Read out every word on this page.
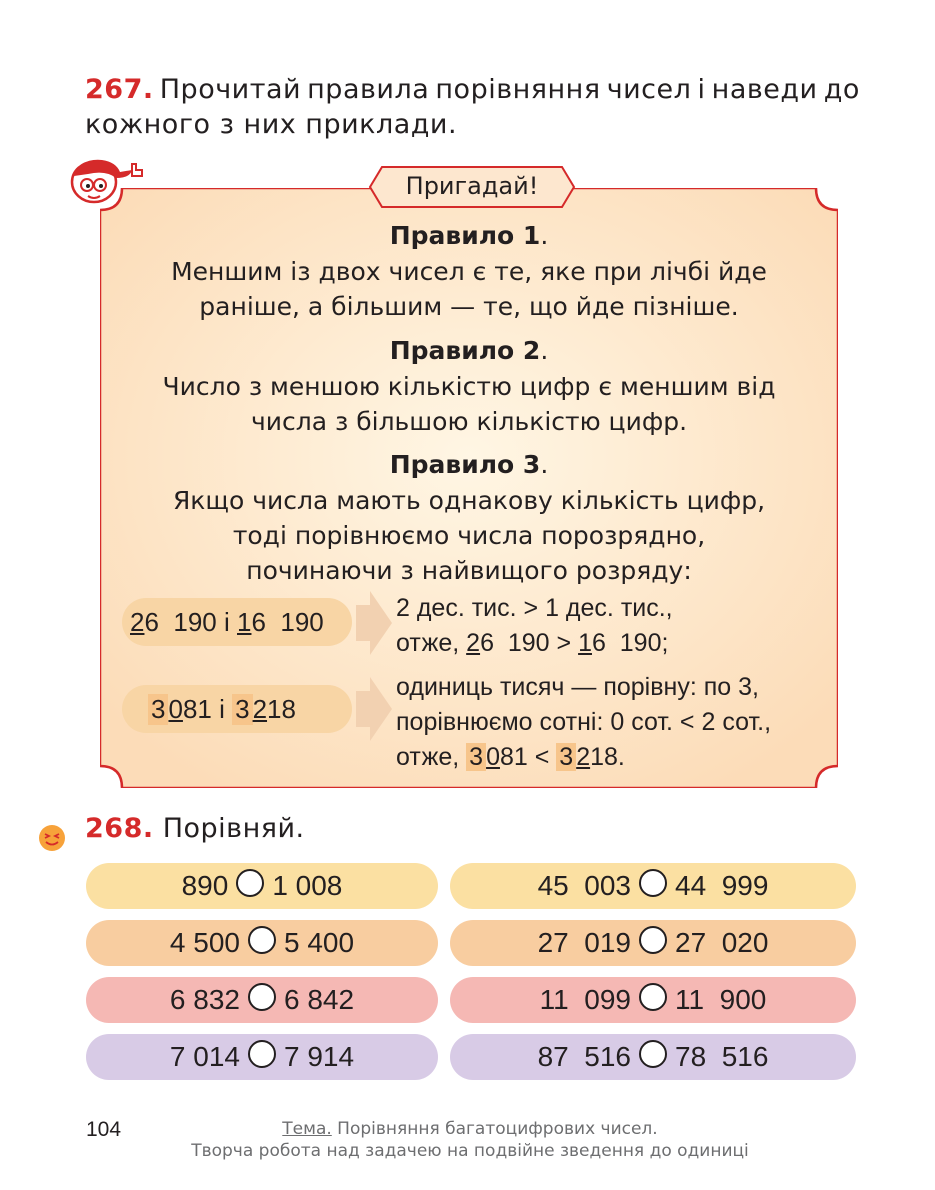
267. Прочитай правила порівняння чисел і наведи до
кожного з них приклади.
Пригадай!
Правило 1.
Меншим із двох чисел є те, яке при лічбі йде
раніше, а більшим — те, що йде пізніше.
Правило 2.
Число з меншою кількістю цифр є меншим від
числа з більшою кількістю цифр.
Правило 3.
Якщо числа мають однакову кількість цифр,
тоді порівнюємо числа порозрядно,
починаючи з найвищого розряду:
2 6  190 і 1 6  190	2 дес. тис. > 1 дес. тис.,
отже, 26  190 > 16  190;
3 0 81 і 3 2 18
одиниць тисяч — порівну: по 3,
порівнюємо сотні: 0 сот. < 2 сот.,
отже, 3 081 < 3 218.
268. Порівняй.
890 1 008	45  003 44  999
4 500 5 400	27  019 27  020
6 832 6 842	11  099 11  900
7 014 7 914	87  516 78  516
104	Тема. Порівняння багатоцифрових чисел.
Творча робота над задачею на подвійне зведення до одиниці
